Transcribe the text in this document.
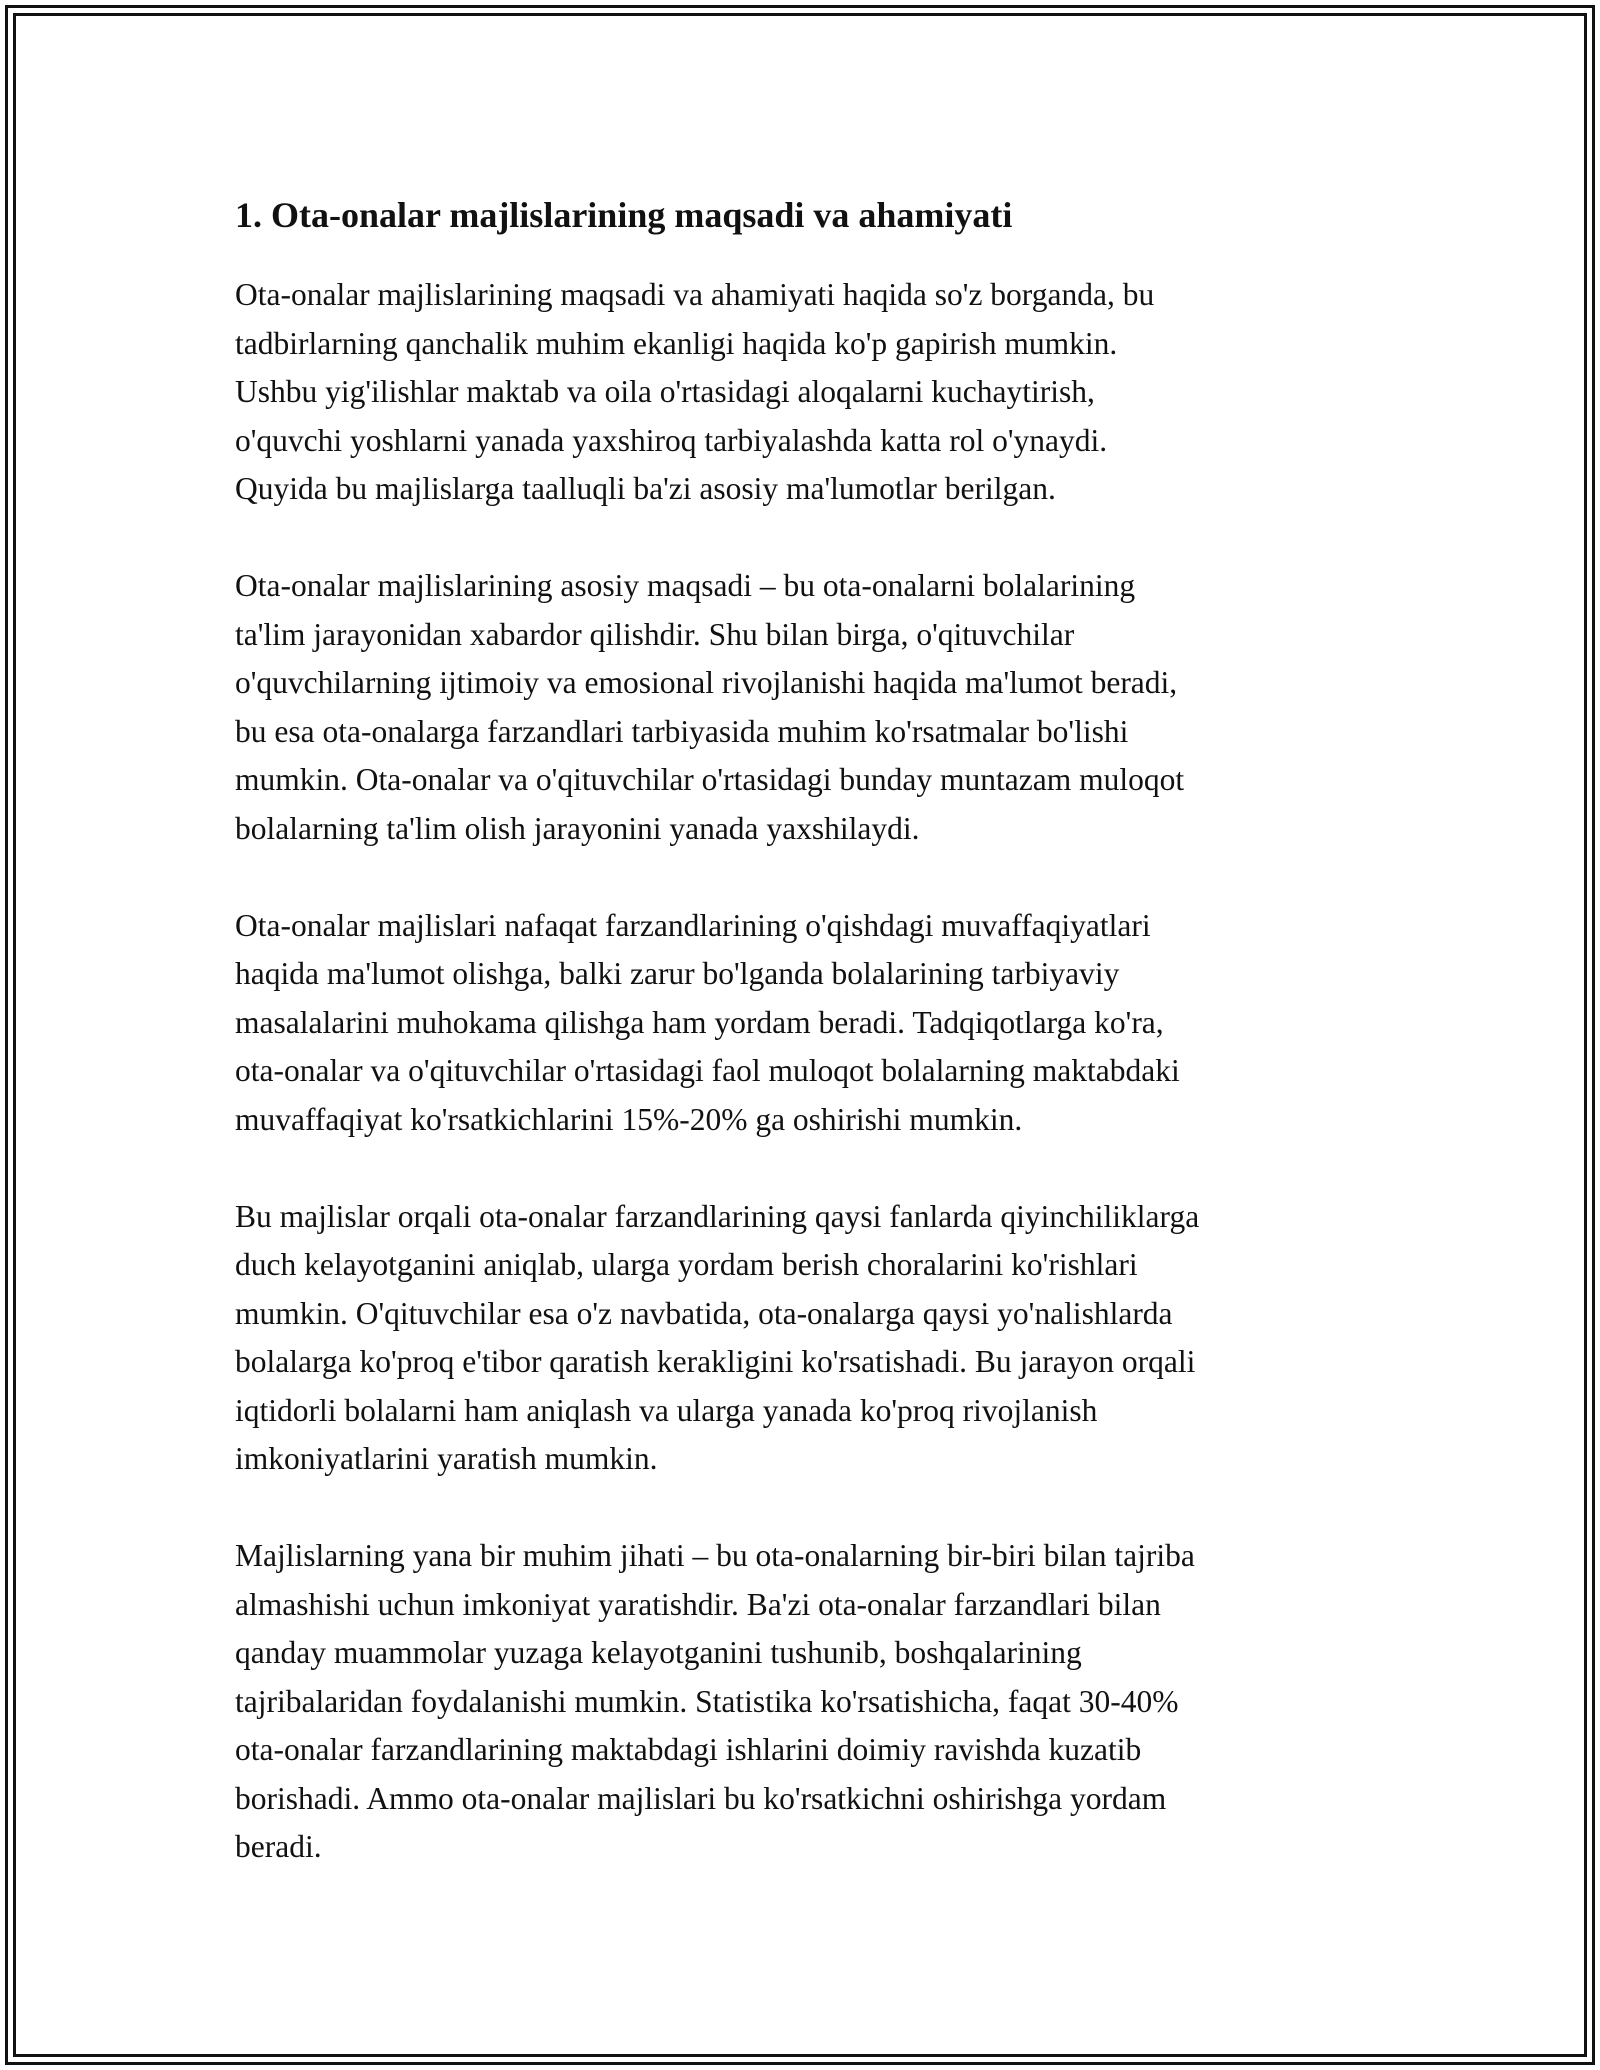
1. Ota-onalar majlislarining maqsadi va ahamiyati

Ota-onalar majlislarining maqsadi va ahamiyati haqida so'z borganda, bu
tadbirlarning qanchalik muhim ekanligi haqida ko'p gapirish mumkin.
Ushbu yig'ilishlar maktab va oila o'rtasidagi aloqalarni kuchaytirish,
o'quvchi yoshlarni yanada yaxshiroq tarbiyalashda katta rol o'ynaydi.
Quyida bu majlislarga taalluqli ba'zi asosiy ma'lumotlar berilgan.

Ota-onalar majlislarining asosiy maqsadi – bu ota-onalarni bolalarining
ta'lim jarayonidan xabardor qilishdir. Shu bilan birga, o'qituvchilar
o'quvchilarning ijtimoiy va emosional rivojlanishi haqida ma'lumot beradi,
bu esa ota-onalarga farzandlari tarbiyasida muhim ko'rsatmalar bo'lishi
mumkin. Ota-onalar va o'qituvchilar o'rtasidagi bunday muntazam muloqot
bolalarning ta'lim olish jarayonini yanada yaxshilaydi.

Ota-onalar majlislari nafaqat farzandlarining o'qishdagi muvaffaqiyatlari
haqida ma'lumot olishga, balki zarur bo'lganda bolalarining tarbiyaviy
masalalarini muhokama qilishga ham yordam beradi. Tadqiqotlarga ko'ra,
ota-onalar va o'qituvchilar o'rtasidagi faol muloqot bolalarning maktabdaki
muvaffaqiyat ko'rsatkichlarini 15%-20% ga oshirishi mumkin.

Bu majlislar orqali ota-onalar farzandlarining qaysi fanlarda qiyinchiliklarga
duch kelayotganini aniqlab, ularga yordam berish choralarini ko'rishlari
mumkin. O'qituvchilar esa o'z navbatida, ota-onalarga qaysi yo'nalishlarda
bolalarga ko'proq e'tibor qaratish kerakligini ko'rsatishadi. Bu jarayon orqali
iqtidorli bolalarni ham aniqlash va ularga yanada ko'proq rivojlanish
imkoniyatlarini yaratish mumkin.

Majlislarning yana bir muhim jihati – bu ota-onalarning bir-biri bilan tajriba
almashishi uchun imkoniyat yaratishdir. Ba'zi ota-onalar farzandlari bilan
qanday muammolar yuzaga kelayotganini tushunib, boshqalarining
tajribalaridan foydalanishi mumkin. Statistika ko'rsatishicha, faqat 30-40%
ota-onalar farzandlarining maktabdagi ishlarini doimiy ravishda kuzatib
borishadi. Ammo ota-onalar majlislari bu ko'rsatkichni oshirishga yordam
beradi.
